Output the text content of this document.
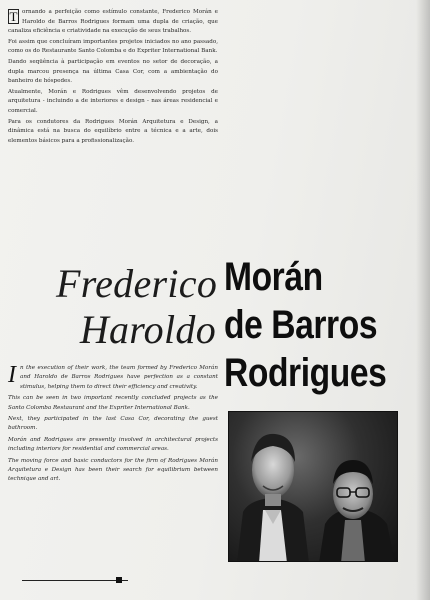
T ornando a perfeição como estímulo constante, Frederico Morán e Haroldo de Barros Rodrigues formam uma dupla de criação, que canaliza eficiência e criatividade na execução de seus trabalhos.

Foi assim que concluíram importantes projetos iniciados no ano passado, como os do Restaurante Santo Colomba e do Expriter International Bank.

Dando seqüência à participação em eventos no setor de decoração, a dupla marcou presença na última Casa Cor, com a ambientação do banheiro de hóspedes.

Atualmente, Morán e Rodrigues vêm desenvolvendo projetos de arquitetura - incluindo a de interiores e design - nas áreas residencial e comercial.

Para os condutores da Rodrigues Morán Arquitetura e Design, a dinâmica está na busca do equilíbrio entre a técnica e a arte, dois elementos básicos para a profissionalização.

Frederico
Haroldo
Morán
de Barros
Rodrigues

In the execution of their work, the team formed by Frederico Morán and Haroldo de Barros Rodrigues have perfection as a constant stimulus, helping them to direct their efficiency and creativity.

This can be seen in two important recently concluded projects as the Santo Colomba Restaurant and the Expriter International Bank.

Next, they participated in the last Casa Cor, decorating the guest bathroom.

Morán and Rodrigues are presently involved in architectural projects including interiors for residential and commercial areas.

The moving force and basic conductors for the firm of Rodrigues Morán Arquitetura e Design has been their search for equilibrium between technique and art.
